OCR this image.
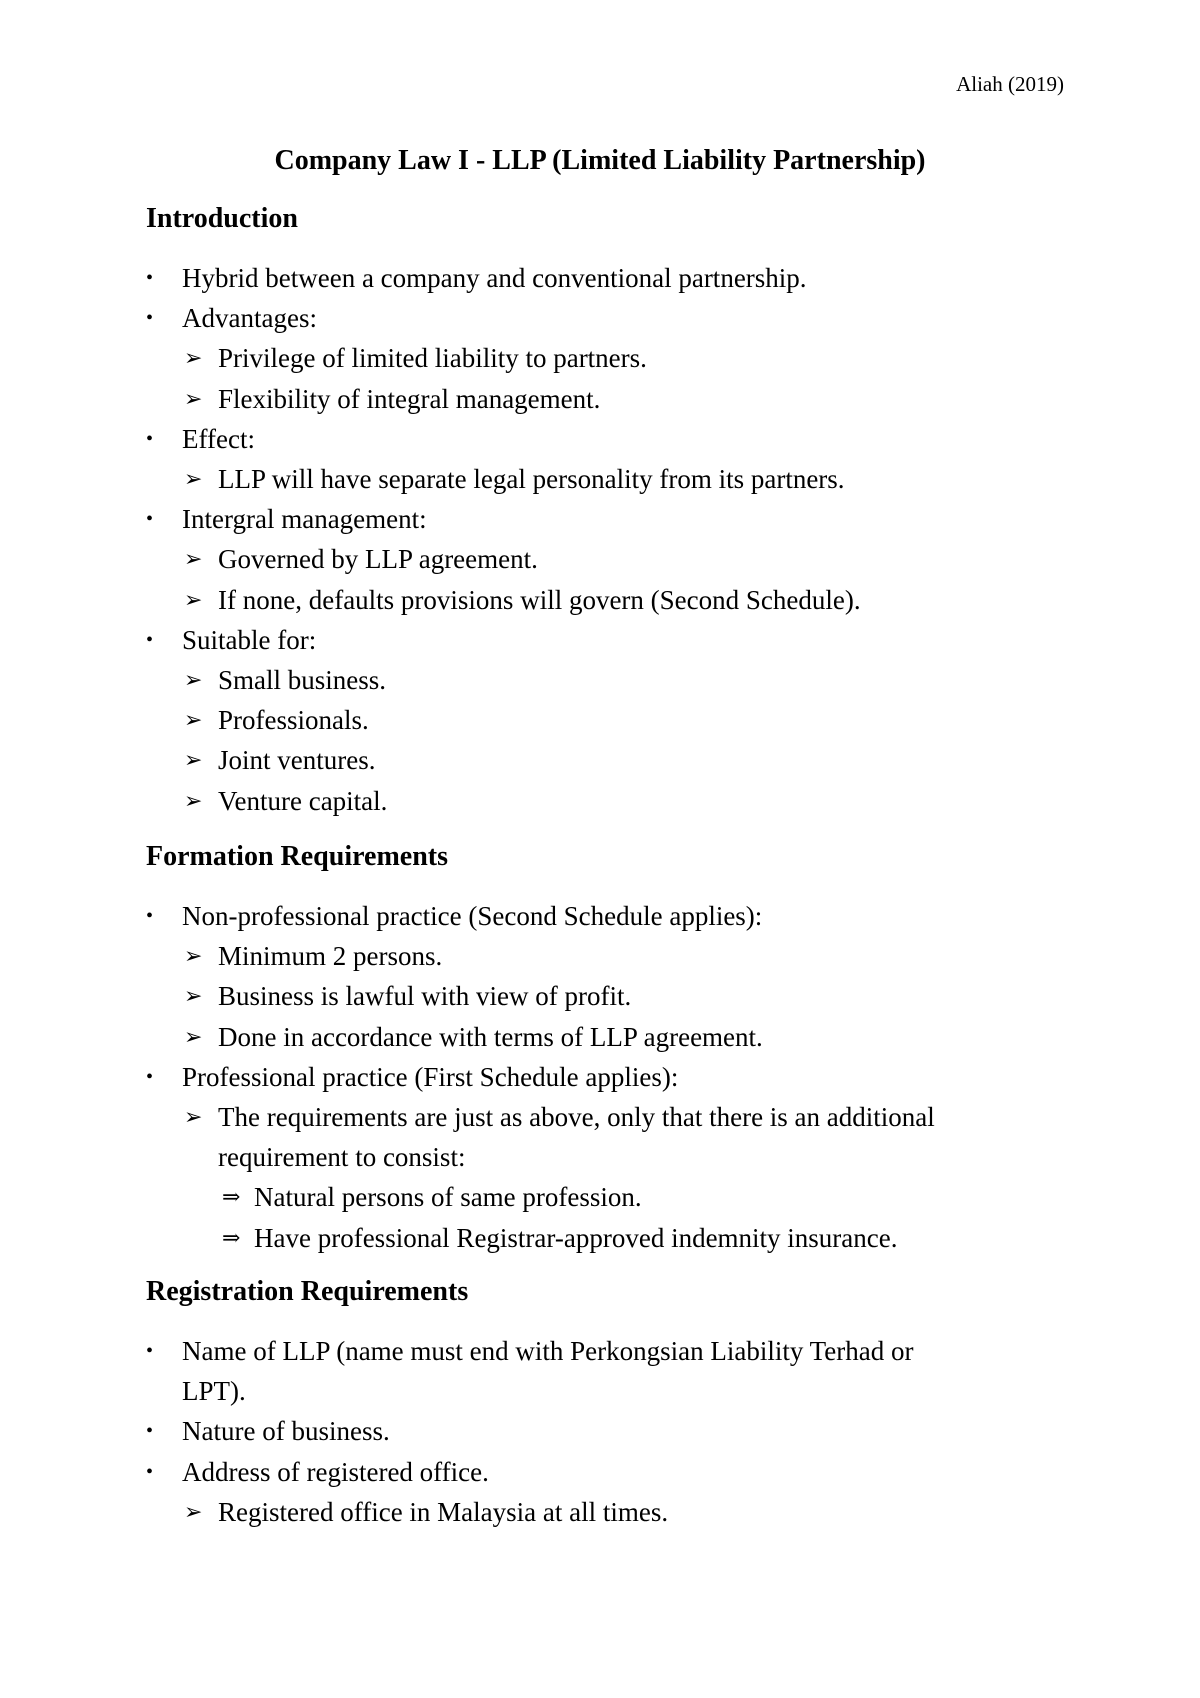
Aliah (2019)
Company Law I - LLP (Limited Liability Partnership)
Introduction
• Hybrid between a company and conventional partnership.
• Advantages:
➢ Privilege of limited liability to partners.
➢ Flexibility of integral management.
• Effect:
➢ LLP will have separate legal personality from its partners.
• Intergral management:
➢ Governed by LLP agreement.
➢ If none, defaults provisions will govern (Second Schedule).
• Suitable for:
➢ Small business.
➢ Professionals.
➢ Joint ventures.
➢ Venture capital.
Formation Requirements
• Non-professional practice (Second Schedule applies):
➢ Minimum 2 persons.
➢ Business is lawful with view of profit.
➢ Done in accordance with terms of LLP agreement.
• Professional practice (First Schedule applies):
➢ The requirements are just as above, only that there is an additional
requirement to consist:
⇒ Natural persons of same profession.
⇒ Have professional Registrar-approved indemnity insurance.
Registration Requirements
• Name of LLP (name must end with Perkongsian Liability Terhad or
LPT).
• Nature of business.
• Address of registered office.
➢ Registered office in Malaysia at all times.
